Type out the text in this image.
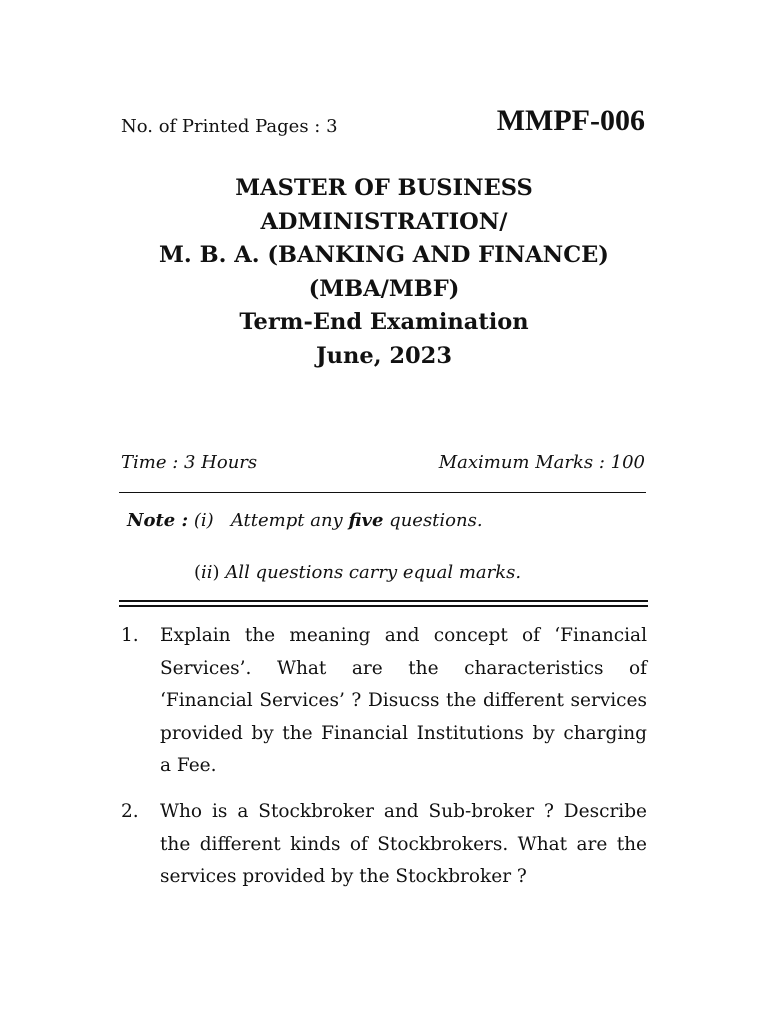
No. of Printed Pages : 3	MMPF-006
MASTER OF BUSINESS
ADMINISTRATION/
M. B. A. (BANKING AND FINANCE)
(MBA/MBF)
Term-End Examination
June, 2023
Time : 3 Hours	Maximum Marks : 100
Note : (i) Attempt any five questions.
(ii) All questions carry equal marks.
1. Explain the meaning and concept of ‘Financial Services’. What are the characteristics of ‘Financial Services’ ? Disucss the different services provided by the Financial Institutions by charging a Fee.
2. Who is a Stockbroker and Sub-broker ? Describe the different kinds of Stockbrokers. What are the services provided by the Stockbroker ?
